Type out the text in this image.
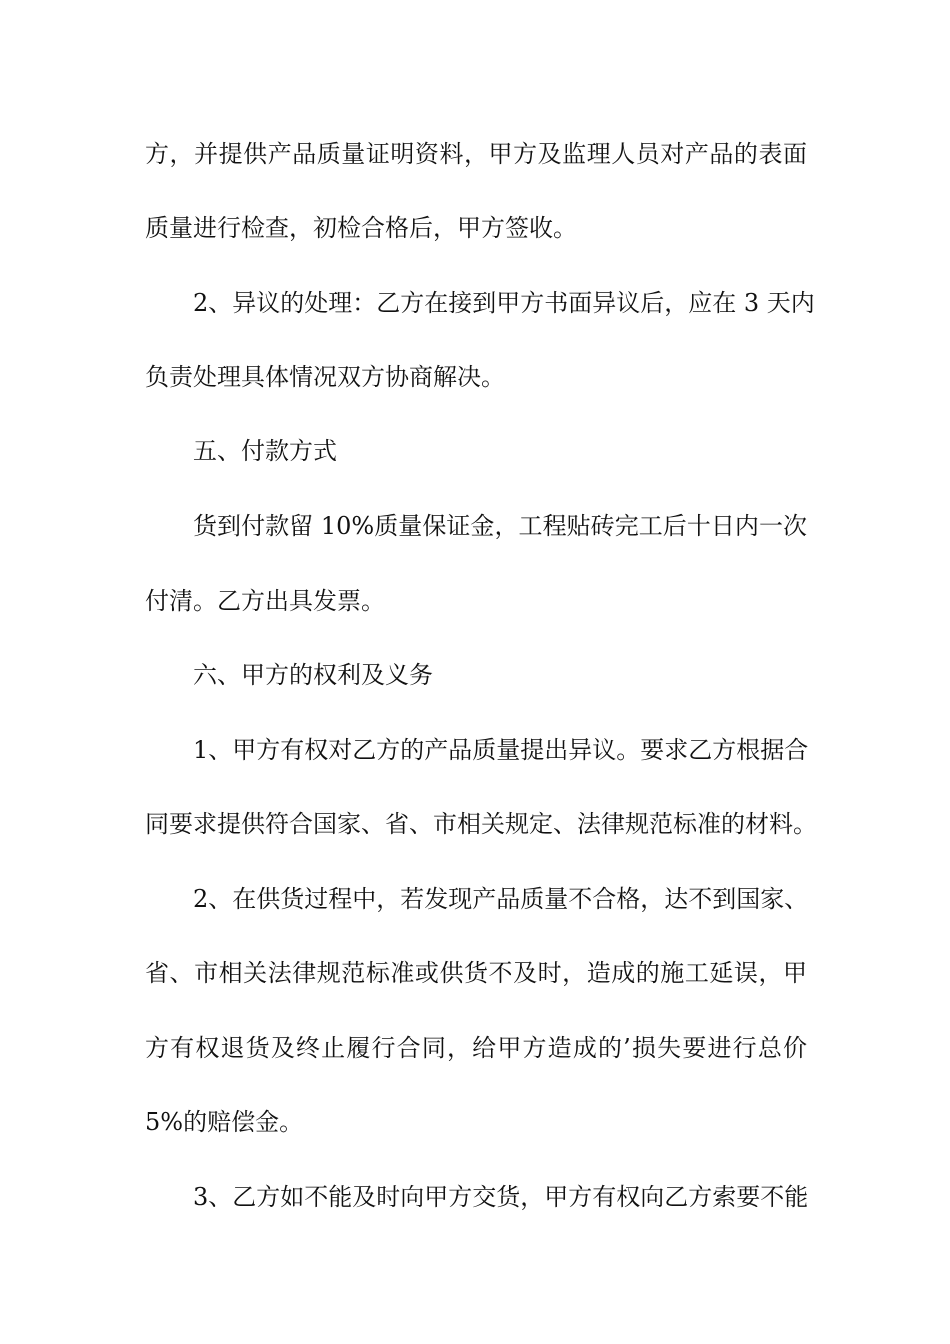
方，并提供产品质量证明资料，甲方及监理人员对产品的表面
质量进行检查，初检合格后，甲方签收。
2、异议的处理：乙方在接到甲方书面异议后，应在 3 天内
负责处理具体情况双方协商解决。
五、付款方式
货到付款留 10%质量保证金，工程贴砖完工后十日内一次
付清。乙方出具发票。
六、甲方的权利及义务
1、甲方有权对乙方的产品质量提出异议。要求乙方根据合
同要求提供符合国家、省、市相关规定、法律规范标准的材料。
2、在供货过程中，若发现产品质量不合格，达不到国家、
省、市相关法律规范标准或供货不及时，造成的施工延误，甲
方有权退货及终止履行合同，给甲方造成的’损失要进行总价
5%的赔偿金。
3、乙方如不能及时向甲方交货，甲方有权向乙方索要不能
